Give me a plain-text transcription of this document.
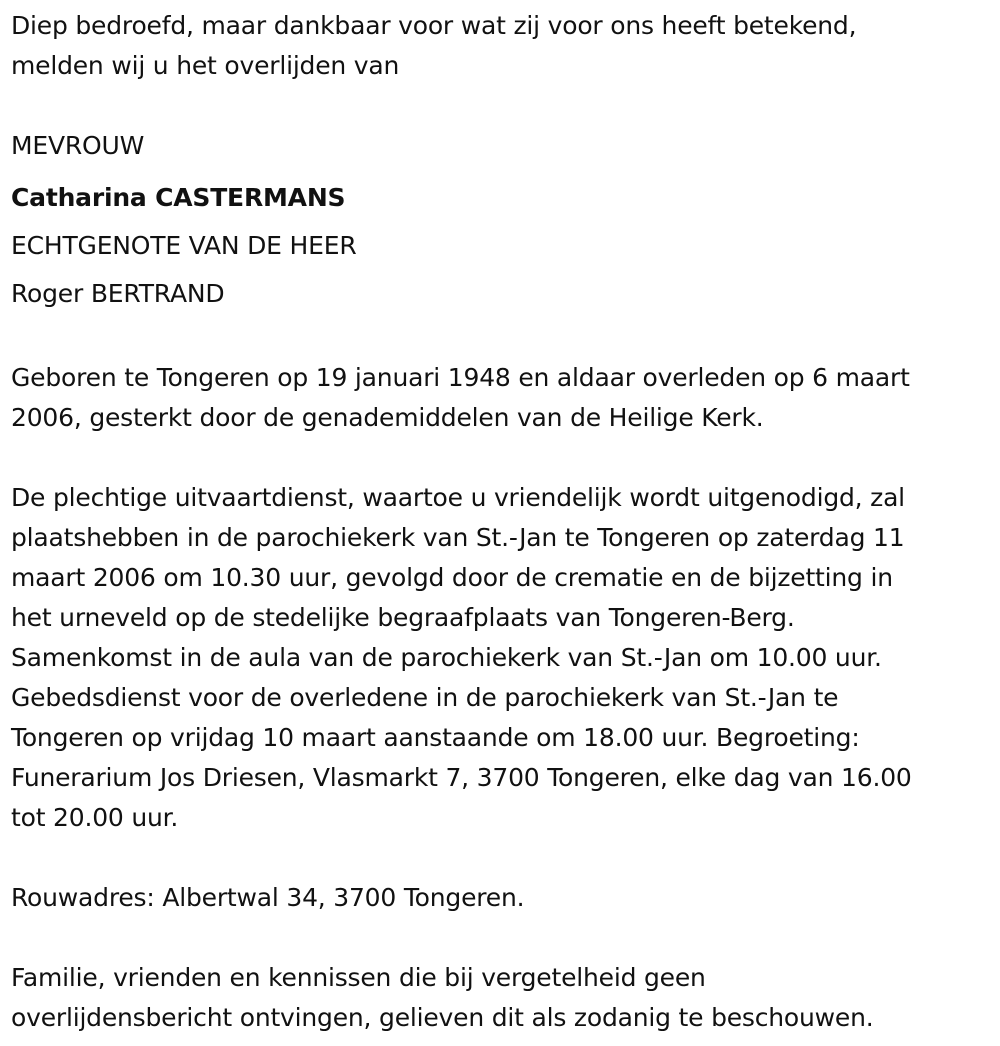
Diep bedroefd, maar dankbaar voor wat zij voor ons heeft betekend,
melden wij u het overlijden van

MEVROUW
Catharina CASTERMANS
ECHTGENOTE VAN DE HEER
Roger BERTRAND

Geboren te Tongeren op 19 januari 1948 en aldaar overleden op 6 maart
2006, gesterkt door de genademiddelen van de Heilige Kerk.

De plechtige uitvaartdienst, waartoe u vriendelijk wordt uitgenodigd, zal
plaatshebben in de parochiekerk van St.-Jan te Tongeren op zaterdag 11
maart 2006 om 10.30 uur, gevolgd door de crematie en de bijzetting in
het urneveld op de stedelijke begraafplaats van Tongeren-Berg.
Samenkomst in de aula van de parochiekerk van St.-Jan om 10.00 uur.
Gebedsdienst voor de overledene in de parochiekerk van St.-Jan te
Tongeren op vrijdag 10 maart aanstaande om 18.00 uur. Begroeting:
Funerarium Jos Driesen, Vlasmarkt 7, 3700 Tongeren, elke dag van 16.00
tot 20.00 uur.

Rouwadres: Albertwal 34, 3700 Tongeren.

Familie, vrienden en kennissen die bij vergetelheid geen
overlijdensbericht ontvingen, gelieven dit als zodanig te beschouwen.
